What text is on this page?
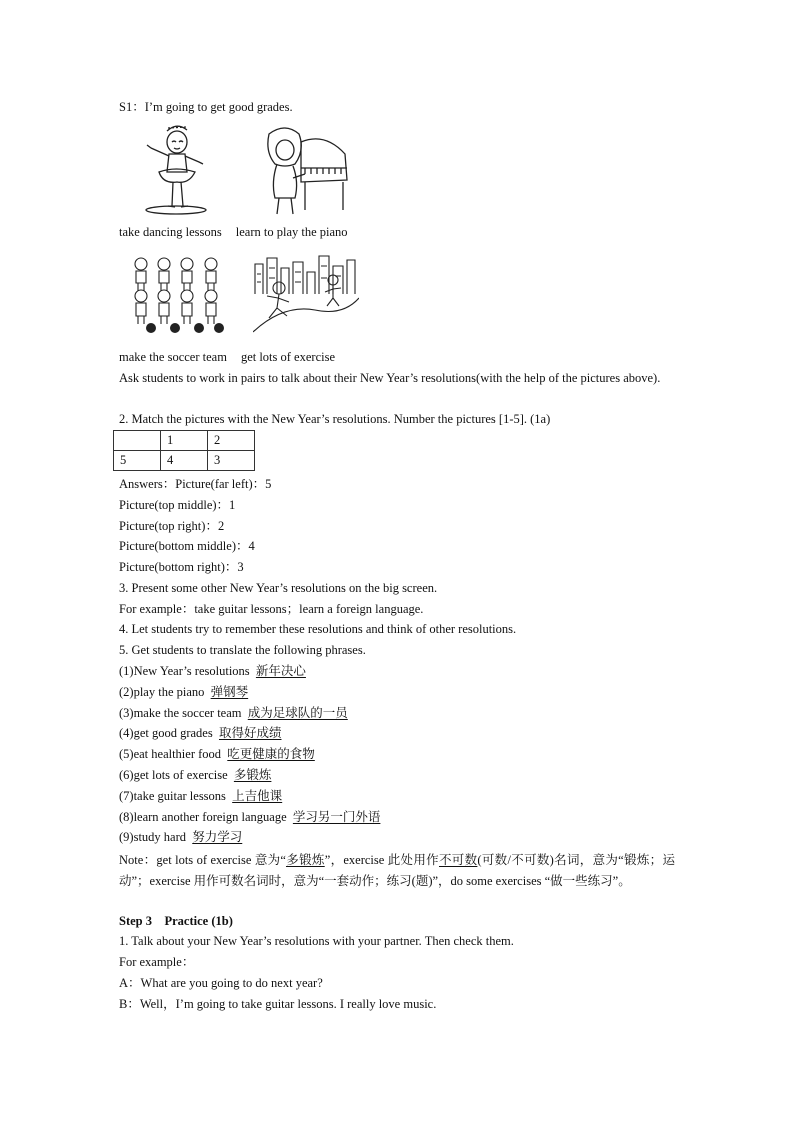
S1：I’m going to get good grades.
take dancing lessons learn to play the piano
make the soccer team get lots of exercise
Ask students to work in pairs to talk about their New Year’s resolutions(with the help of the pictures above).
2. Match the pictures with the New Year’s resolutions. Number the pictures [1-5]. (1a)
	1	2
5	4	3
Answers：Picture(far left)：5
Picture(top middle)：1
Picture(top right)：2
Picture(bottom middle)：4
Picture(bottom right)：3
3. Present some other New Year’s resolutions on the big screen.
For example：take guitar lessons；learn a foreign language.
4. Let students try to remember these resolutions and think of other resolutions.
5. Get students to translate the following phrases.
(1)New Year’s resolutions 新年决心
(2)play the piano 弹钢琴
(3)make the soccer team 成为足球队的一员
(4)get good grades 取得好成绩
(5)eat healthier food 吃更健康的食物
(6)get lots of exercise 多锻炼
(7)take guitar lessons 上吉他课
(8)learn another foreign language 学习另一门外语
(9)study hard 努力学习
Note：get lots of exercise 意为“多锻炼”，exercise 此处用作不可数(可数/不可数)名词，意为“锻炼；运动”；exercise 用作可数名词时，意为“一套动作；练习(题)”，do some exercises “做一些练习”。
Step 3　Practice (1b)
1. Talk about your New Year’s resolutions with your partner. Then check them.
For example：
A：What are you going to do next year?
B：Well，I’m going to take guitar lessons. I really love music.
